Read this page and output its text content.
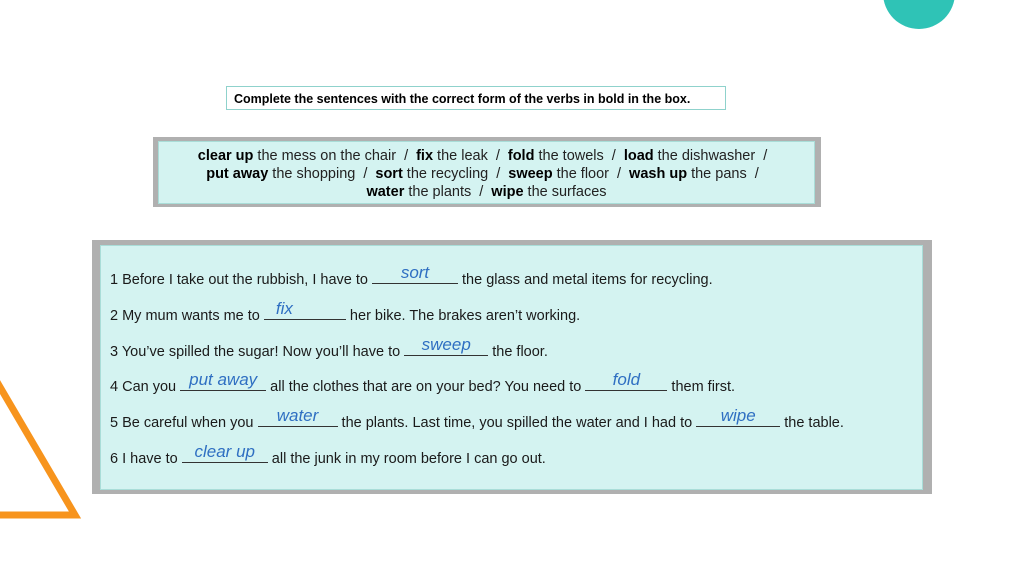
Complete the sentences with the correct form of the verbs in bold in the box.
clear up the mess on the chair / fix the leak / fold the towels / load the dishwasher /
put away the shopping / sort the recycling / sweep the floor / wash up the pans /
water the plants / wipe the surfaces
1 Before I take out the rubbish, I have to	sort	the glass and metal items for recycling.
2 My mum wants me to fix	her bike. The brakes aren’t working.
3 You’ve spilled the sugar! Now you’ll have to	sweep	the floor.
4 Can you put away all the clothes that are on your bed? You need to	fold	them first.
5 Be careful when you	water	the plants. Last time, you spilled the water and I had to	wipe	the table.
6 I have to clear up all the junk in my room before I can go out.
